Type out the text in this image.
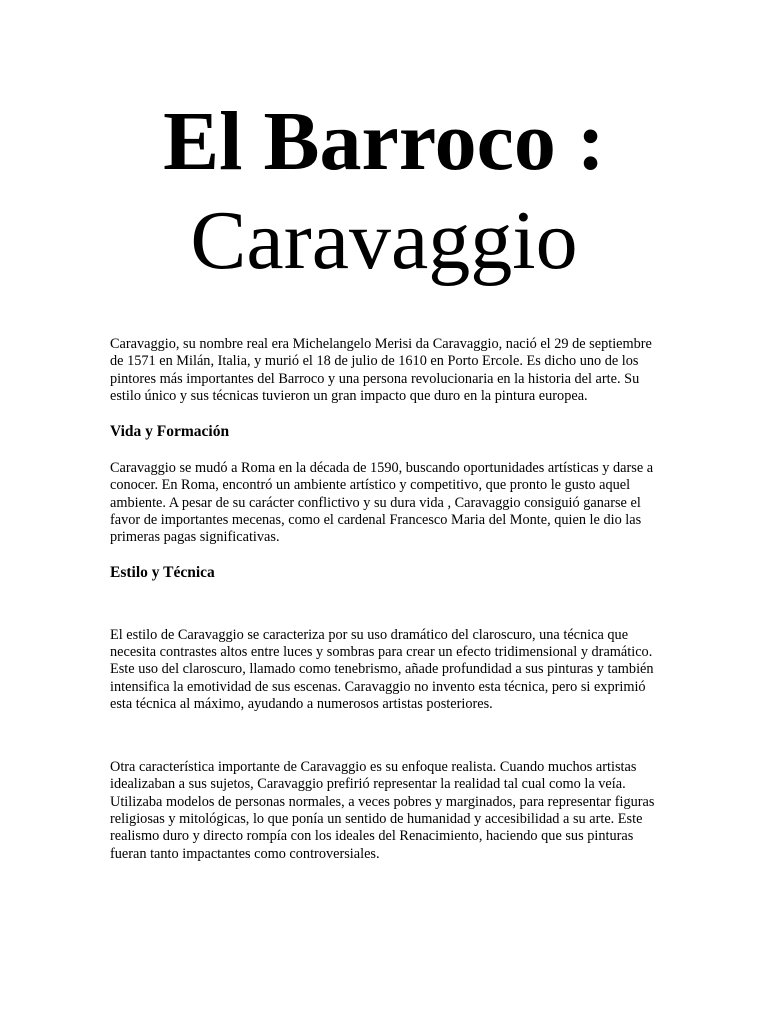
El Barroco :
Caravaggio

Caravaggio, su nombre real era Michelangelo Merisi da Caravaggio, nació el 29 de septiembre de 1571 en Milán, Italia, y murió el 18 de julio de 1610 en Porto Ercole. Es dicho uno de los pintores más importantes del Barroco y una persona revolucionaria en la historia del arte. Su estilo único y sus técnicas tuvieron un gran impacto que duro en la pintura europea.

Vida y Formación

Caravaggio se mudó a Roma en la década de 1590, buscando oportunidades artísticas y darse a conocer. En Roma, encontró un ambiente artístico y competitivo, que pronto le gusto aquel ambiente. A pesar de su carácter conflictivo y su dura vida , Caravaggio consiguió ganarse el favor de importantes mecenas, como el cardenal Francesco Maria del Monte, quien le dio las primeras pagas significativas.

Estilo y Técnica

El estilo de Caravaggio se caracteriza por su uso dramático del claroscuro, una técnica que necesita contrastes altos entre luces y sombras para crear un efecto tridimensional y dramático. Este uso del claroscuro, llamado como tenebrismo, añade profundidad a sus pinturas y también intensifica la emotividad de sus escenas. Caravaggio no invento esta técnica, pero si exprimió esta técnica al máximo, ayudando a numerosos artistas posteriores.

Otra característica importante de Caravaggio es su enfoque realista. Cuando muchos artistas idealizaban a sus sujetos, Caravaggio prefirió representar la realidad tal cual como la veía. Utilizaba modelos de personas normales, a veces pobres y marginados, para representar figuras religiosas y mitológicas, lo que ponía un sentido de humanidad y accesibilidad a su arte. Este realismo duro y directo rompía con los ideales del Renacimiento, haciendo que sus pinturas fueran tanto impactantes como controversiales.
